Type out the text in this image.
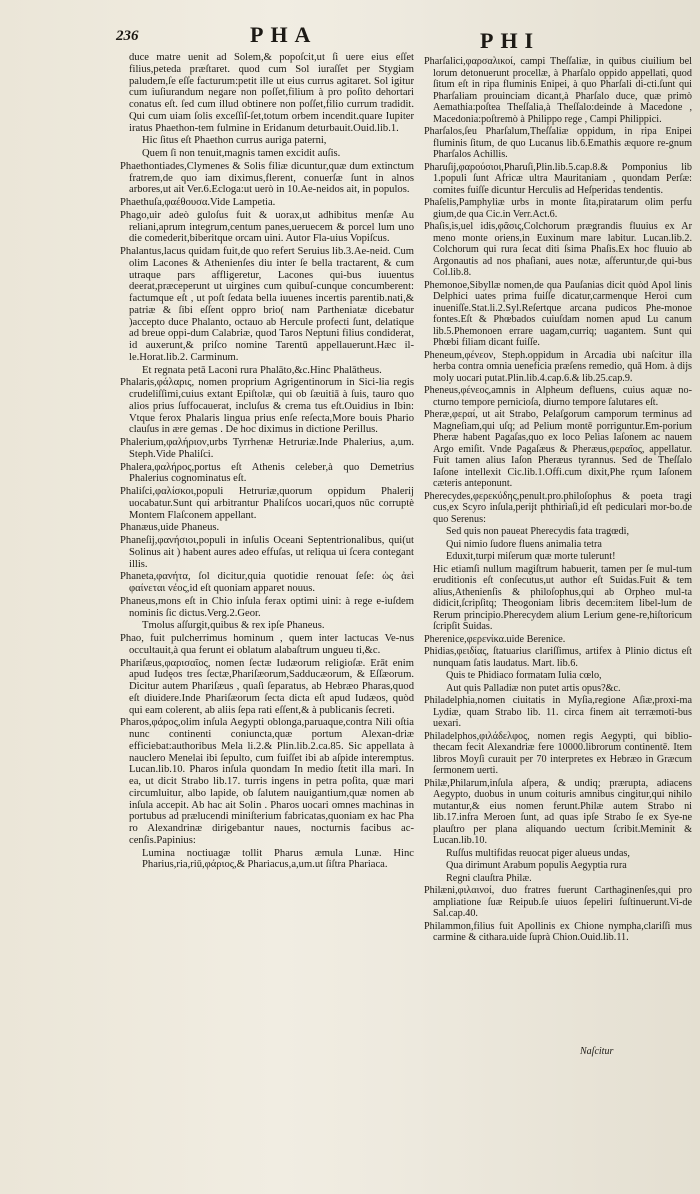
236	PHA	PHI

duce matre uenit ad Solem,& popoſcit,ut ſi uere eius eſſet filius,peteda præſtaret. quod cum Sol iuraſſet per Stygiam paludem,ſe eſſe facturum:petit ille ut eius currus agitaret. Sol igitur cum iuſiurandum negare non poſſet,filium à pro poſito dehortari conatus eſt. ſed cum illud obtinere non poſſet,filio currum tradidit. Qui cum uiam ſolis exceſſiſ-ſet,totum orbem incendit.quare Iupiter iratus Phaethon-tem fulmine in Eridanum deturbauit.Ouid.lib.1.

Hic ſitus eſt Phaethon currus auriga paterni,

Quem ſi non tenuit,magnis tamen excidit auſis.

Phaethontiades,Clymenes & Solis filiæ dicuntur,quæ dum extinctum fratrem,de quo iam diximus,flerent, conuerſæ ſunt in alnos arbores,ut ait Ver.6.Ecloga:ut uerò in 10.Ae-neidos ait, in populos.

Phaethuſa,φαέθουσα.Vide Lampetia.

Phago,uir adeò guloſus fuit & uorax,ut adhibitus menſæ Au reliani,aprum integrum,centum panes,ueruecem & porcel lum uno die comederit,biberitque orcam uini. Autor Fla-uius Vopiſcus.

Phalantus,lacus quidam fuit,de quo refert Seruius lib.3.Ae-neid. Cum olim Lacones & Athenienſes diu inter ſe bella tractarent, & cum utraque pars affligeretur, Lacones qui-bus iuuentus deerat,præceperunt ut uirgines cum quibuſ-cunque concumberent: factumque eſt , ut poſt ſedata bella iuuenes incertis parentib.nati,& patriæ & ſibi eſſent oppro brio( nam Partheniatæ dicebatur )accepto duce Phalanto, octauo ab Hercule profecti ſunt, delatique ad breue oppi-dum Calabriæ, quod Taros Neptuni filius condiderat, id auxerunt,& priſco nomine Tarentū appellauerunt.Hæc il-le.Horat.lib.2. Carminum.

Et regnata petā Laconi rura Phalāto,&c.Hinc Phalātheus.

Phalaris,φάλαρις, nomen proprium Agrigentinorum in Sici-lia regis crudeliſſimi,cuius extant Epiſtolæ, qui ob ſæuitiā à ſuis, tauro quo alios prius ſuffocauerat, incluſus & crema tus eſt.Ouidius in Ibin: Vtque ferox Phalaris lingua prius enſe reſecta,More bouis Phario clauſus in ære gemas . De hoc diximus in dictione Perillus.

Phalerium,φαλήριον,urbs Tyrrhenæ Hetruriæ.Inde Phalerius, a,um. Steph.Vide Phaliſci.

Phalera,φαλήρος,portus eſt Athenis celeber,à quo Demetrius Phalerius cognominatus eſt.

Phaliſci,φαλίσκοι,populi Hetruriæ,quorum oppidum Phalerij uocabatur.Sunt qui arbitrantur Phaliſcos uocari,quos nūc corruptè Montem Flaſconem appellant.

Phanæus,uide Phaneus.

Phaneſij,φανήσιοι,populi in inſulis Oceani Septentrionalibus, qui(ut Solinus ait ) habent aures adeo effuſas, ut reliqua ui ſcera contegant illis.

Phaneta,φανήτα, ſol dicitur,quia quotidie renouat ſeſe: ὡς ἀεὶ φαίνεται νέος,id eſt quoniam apparet nouus.

Phaneus,mons eſt in Chio inſula ferax optimi uini: à rege e-iuſdem nominis ſic dictus.Verg.2.Geor.

Tmolus aſſurgit,quibus & rex ipſe Phaneus.

Phao, fuit pulcherrimus hominum , quem inter lactucas Ve-nus occultauit,à qua ferunt ei oblatum alabaſtrum ungueu ti,&c.

Phariſæus,φαρισαῖος, nomen ſectæ Iudæorum religioſæ. Erāt enim apud Iudęos tres ſectæ,Phariſæorum,Sadducæorum, & Eſſæorum. Dicitur autem Phariſæus , quaſi ſeparatus, ab Hebræo Pharas,quod eſt diuidere.Inde Phariſæorum ſecta dicta eſt apud Iudæos, quòd qui eam colerent, ab aliis ſepa rati eſſent,& à publicanis ſecreti.

Pharos,φάρος,olim inſula Aegypti oblonga,paruaque,contra Nili oſtia nunc continenti coniuncta,quæ portum Alexan-driæ efficiebat:authoribus Mela li.2.& Plin.lib.2.ca.85. Sic appellata à nauclero Menelai ibi ſepulto, cum fuiſſet ibi ab aſpide interemptus. Lucan.lib.10. Pharos inſula quondam In medio ſtetit illa mari. In ea, ut dicit Strabo lib.17. turris ingens in petra poſita, quæ mari circumluitur, albo lapide, ob ſalutem nauigantium,quæ nomen ab inſula accepit. Ab hac ait Solin . Pharos uocari omnes machinas in portubus ad prælucendi miniſterium fabricatas,quoniam ex hac Pha ro Alexandrinæ dirigebantur naues, nocturnis facibus ac-cenſis.Papinius:

Lumina noctiuagæ tollit Pharus æmula Lunæ. Hinc Pharius,ria,riū,φάριος,& Phariacus,a,um.ut ſiſtra Phariaca.

Pharſalici,φαρσαλικοί, campi Theſſaliæ, in quibus ciuilium bel lorum detonuerunt procellæ, à Pharſalo oppido appellati, quod ſitum eſt in ripa fluminis Enipei, à quo Pharſali di-cti.ſunt qui Pharſaliam prouinciam dicant,à Pharſalo duce, quæ primò Aemathia:poſtea Theſſalia,à Theſſalo:deinde à Macedone , Macedonia:poſtremò à Philippo rege , Campi Philippici.

Pharſalos,ſeu Pharſalum,Theſſaliæ oppidum, in ripa Enipei fluminis ſitum, de quo Lucanus lib.6.Emathis æquore re-gnum Pharſalos Achillis.

Pharuſij,φαρούσιοι,Pharuſi,Plin.lib.5.cap.8.& Pomponius lib 1.populi ſunt Africæ ultra Mauritaniam , quondam Perſæ: comites fuiſſe dicuntur Herculis ad Heſperidas tendentis.

Phaſelis,Pamphyliæ urbs in monte ſita,piratarum olim perfu gium,de qua Cic.in Verr.Act.6.

Phaſis,is,uel idis,φᾶσις,Colchorum prægrandis fluuius ex Ar meno monte oriens,in Euxinum mare labitur. Lucan.lib.2. Colchorum qui rura ſecat diti ſsima Phaſis.Ex hoc fluuio ab Argonautis ad nos phaſiani, aues notæ, aſferuntur,de qui-bus Col.lib.8.

Phemonoe,Sibyllæ nomen,de qua Pauſanias dicit quòd Apol linis Delphici uates prima fuiſſe dicatur,carmenque Heroi cum inueniſſe.Stat.li.2.Syl.Reſertque arcana pudicos Phe-monoe fontes.Eſt & Phœbados cuiuſdam nomen apud Lu canum lib.5.Phemonoen errare uagam,curriq; uagantem. Sunt qui Phœbi filiam dicant fuiſſe.

Pheneum,φένεον, Steph.oppidum in Arcadia ubi naſcitur illa herba contra omnia ueneficia præſens remedio, quā Hom. à dijs moly uocari putat.Plin.lib.4.cap.6.& lib.25.cap.9.

Pheneus,φένεος,amnis in Alpheum defluens, cuius aquæ no-cturno tempore pernicioſa, diurno tempore ſalutares eſt.

Pheræ,φεραί, ut ait Strabo, Pelaſgorum camporum terminus ad Magneſiam,qui uſq; ad Pelium montē porriguntur.Em-porium Pheræ habent Pagaſas,quo ex loco Pelias Iaſonem ac nauem Argo emiſit. Vnde Pagaſæus & Pheræus,φεραῖος, appellatur. Fuit tamen alius Iaſon Pheræus tyrannus. Sed de Theſſalo Iaſone intellexit Cic.lib.1.Offi.cum dixit,Phe rçum Iaſonem cæteris anteponunt.

Pherecydes,φερεκύδης,penult.pro.philoſophus & poeta tragi cus,ex Scyro inſula,perijt phthiriaſi,id eſt pediculari mor-bo.de quo Serenus:

Sed quis non paueat Pherecydis fata tragœdi,

Qui nimio ſudore fluens animalia tetra

Eduxit,turpi miſerum quæ morte tulerunt!

Hic etiamſi nullum magiſtrum habuerit, tamen per ſe mul-tum eruditionis eſt conſecutus,ut author eſt Suidas.Fuit & tem alius,Athenienſis & philoſophus,qui ab Orpheo mul-ta didicit,ſcripſitq; Theogoniam libris decem:item libel-lum de Rerum principio.Pherecydem alium Lerium gene-re,hiſtoricum ſcripſit Suidas.

Pherenice,φερενίκα.uide Berenice.

Phidias,φειδίας, ſtatuarius clariſſimus, artifex à Plinio dictus eſt nunquam ſatis laudatus. Mart. lib.6.

Quis te Phidiaco formatam Iulia cœlo,

Aut quis Palladiæ non putet artis opus?&c.

Philadelphia,nomen ciuitatis in Myſia,regione Aſiæ,proxi-ma Lydiæ, quam Strabo lib. 11. circa finem ait terræmoti-bus uexari.

Philadelphos,φιλάδελφος, nomen regis Aegypti, qui biblio-thecam fecit Alexandriæ fere 10000.librorum continentē. Item libros Moyſi curauit per 70 interpretes ex Hebræo in Græcum ſermonem uerti.

Philæ,Philarum,inſula aſpera, & undiq; prærupta, adiacens Aegypto, duobus in unum coituris amnibus cingitur,qui nihilo mutantur,& eius nomen ferunt.Philæ autem Strabo ni lib.17.infra Meroen ſunt, ad quas ipſe Strabo ſe ex Sye-ne plauſtro per plana aliquando uectum ſcribit.Meminit & Lucan.lib.10.

Ruſſus multifidas reuocat piger alueus undas,

Qua dirimunt Arabum populis Aegyptia rura

Regni clauſtra Philæ.

Philæni,φιλαινοί, duo fratres fuerunt Carthaginenſes,qui pro ampliatione ſuæ Reipub.ſe uiuos ſepeliri ſuſtinuerunt.Vi-de Sal.cap.40.

Philammon,filius fuit Apollinis ex Chione nympha,clariſſi mus carmine & cithara.uide ſuprà Chion.Ouid.lib.11.

Naſcitur
